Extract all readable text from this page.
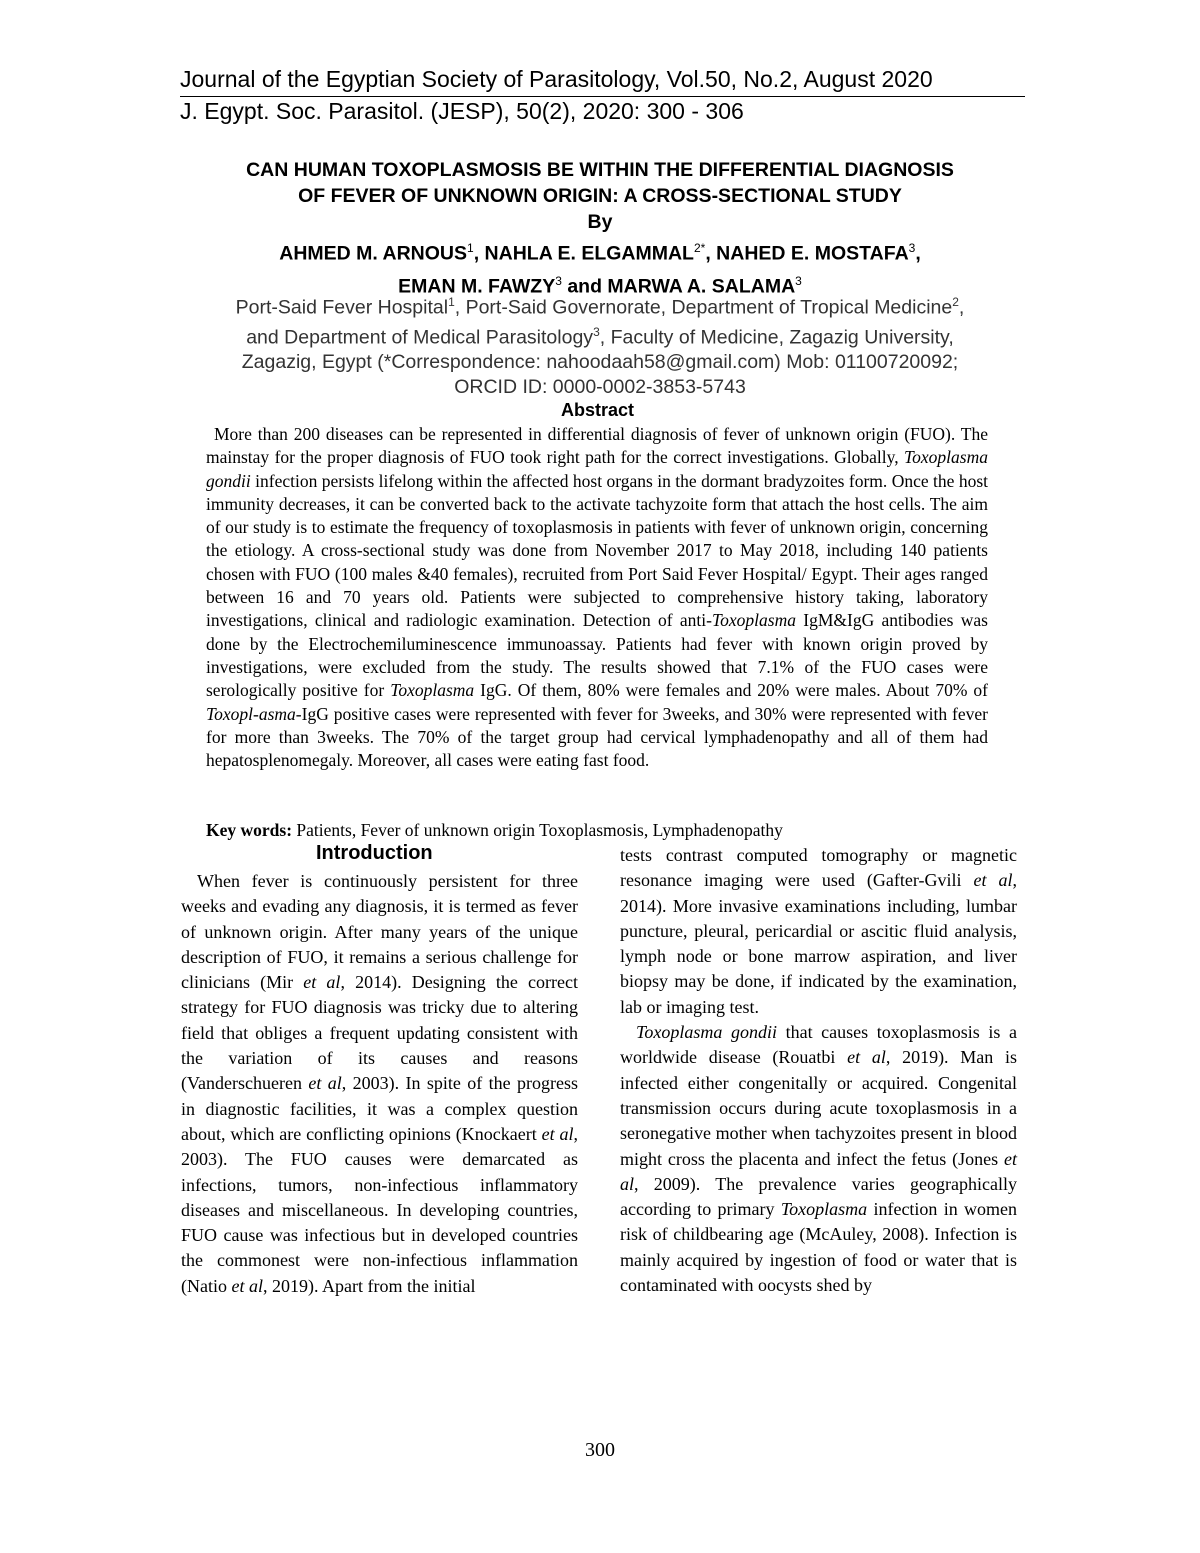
Journal of the Egyptian Society of Parasitology, Vol.50, No.2, August 2020
J. Egypt. Soc. Parasitol. (JESP), 50(2), 2020: 300 - 306
CAN HUMAN TOXOPLASMOSIS BE WITHIN THE DIFFERENTIAL DIAGNOSIS
OF FEVER OF UNKNOWN ORIGIN: A CROSS-SECTIONAL STUDY
By
AHMED M. ARNOUS$^1$, NAHLA E. $ELGAMMAL^{2*}$, NAHED E. MOSTAFA$^3$,
EMAN M. FAWZY$^3$ and MARWA A. SALAMA$^3$
Port-Said Fever Hospital$^1$, Port-Said Governorate, Department of Tropical Medicine$^2$,
and Department of Medical Parasitology$^3$, Faculty of Medicine, Zagazig University,
Zagazig, Egypt (*Correspondence: nahoodaah58@gmail.com) Mob: 01100720092;
ORCID ID: 0000-0002-3853-5743
Abstract

More than 200 diseases can be represented in differential diagnosis of fever of unknown origin (FUO). The mainstay for the proper diagnosis of FUO took right path for the correct investigations. Globally, Toxoplasma gondii infection persists lifelong within the affected host organs in the dormant bradyzoites form. Once the host immunity decreases, it can be converted back to the activate tachyzoite form that attach the host cells. The aim of our study is to estimate the frequency of toxoplasmosis in patients with fever of unknown origin, concerning the etiology. A cross-sectional study was done from November 2017 to May 2018, including 140 patients chosen with FUO (100 males &40 females), recruited from Port Said Fever Hospital/ Egypt. Their ages ranged between 16 and 70 years old. Patients were subjected to comprehensive history taking, laboratory investigations, clinical and radiologic examination. Detection of anti-Toxoplasma IgM&IgG antibodies was done by the Electrochemiluminescence immunoassay. Patients had fever with known origin proved by investigations, were excluded from the study. The results showed that 7.1% of the FUO cases were serologically positive for Toxoplasma IgG. Of them, 80% were females and 20% were males. About 70% of Toxopl-asma-IgG positive cases were represented with fever for 3weeks, and 30% were represented with fever for more than 3weeks. The 70% of the target group had cervical lymphadenopathy and all of them had hepatosplenomegaly. Moreover, all cases were eating fast food.

Key words: Patients, Fever of unknown origin Toxoplasmosis, Lymphadenopathy
Introduction

When fever is continuously persistent for three weeks and evading any diagnosis, it is termed as fever of unknown origin. After many years of the unique description of FUO, it remains a serious challenge for clinicians (Mir et al, 2014). Designing the correct strategy for FUO diagnosis was tricky due to altering field that obliges a frequent updating consistent with the variation of its causes and reasons (Vanderschueren et al, 2003). In spite of the progress in diagnostic facilities, it was a complex question about, which are conflicting opinions (Knockaert et al, 2003). The FUO causes were demarcated as infections, tumors, non-infectious inflammatory diseases and miscellaneous. In developing countries, FUO cause was infectious but in developed countries the commonest were non-infectious inflammation (Natio et al, 2019). Apart from the initial

tests contrast computed tomography or magnetic resonance imaging were used (Gafter-Gvili et al, 2014). More invasive examinations including, lumbar puncture, pleural, pericardial or ascitic fluid analysis, lymph node or bone marrow aspiration, and liver biopsy may be done, if indicated by the examination, lab or imaging test.

Toxoplasma gondii that causes toxoplasmosis is a worldwide disease (Rouatbi et al, 2019). Man is infected either congenitally or acquired. Congenital transmission occurs during acute toxoplasmosis in a seronegative mother when tachyzoites present in blood might cross the placenta and infect the fetus (Jones et al, 2009). The prevalence varies geographically according to primary Toxoplasma infection in women risk of childbearing age (McAuley, 2008). Infection is mainly acquired by ingestion of food or water that is contaminated with oocysts shed by

300
